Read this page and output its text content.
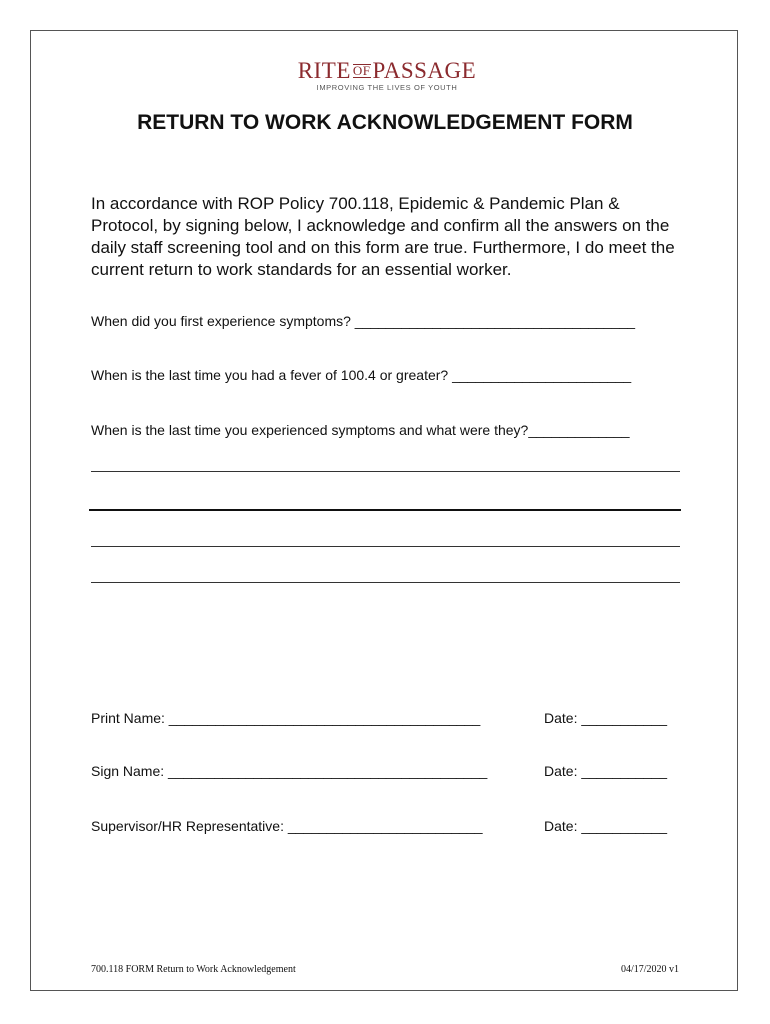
RITE OFPASSAGE
IMPROVING THE LIVES OF YOUTH
RETURN TO WORK ACKNOWLEDGEMENT FORM
In accordance with ROP Policy 700.118, Epidemic & Pandemic Plan & Protocol, by signing below, I acknowledge and confirm all the answers on the daily staff screening tool and on this form are true. Furthermore, I do meet the current return to work standards for an essential worker.
When did you first experience symptoms? ____________________________________
When is the last time you had a fever of 100.4 or greater? _______________________
When is the last time you experienced symptoms and what were they?_____________
Print Name: ________________________________________	Date: ___________
Sign Name: _________________________________________	Date: ___________
Supervisor/HR Representative: _________________________	Date: ___________
700.118 FORM Return to Work Acknowledgement	04/17/2020 v1
